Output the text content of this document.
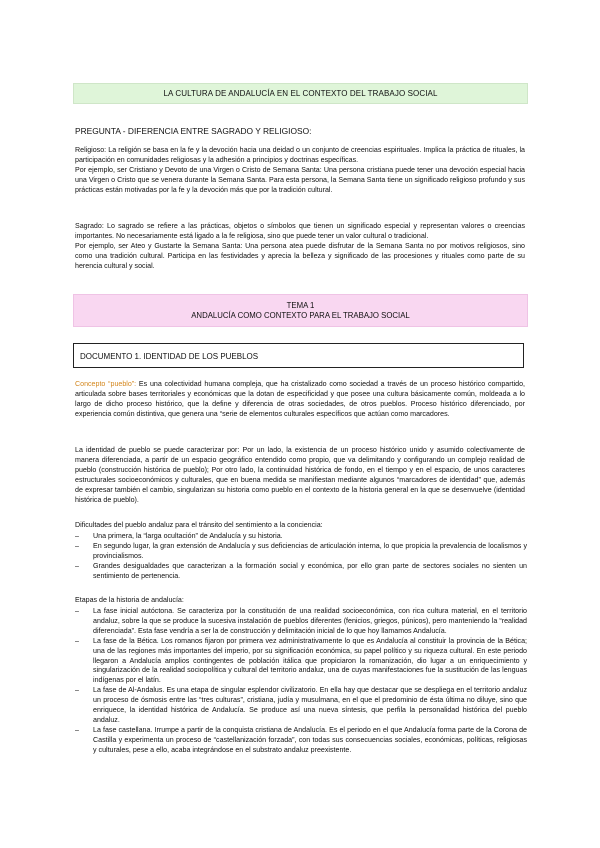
LA CULTURA DE ANDALUCÍA EN EL CONTEXTO DEL TRABAJO SOCIAL
PREGUNTA - DIFERENCIA ENTRE SAGRADO Y RELIGIOSO:

Religioso: La religión se basa en la fe y la devoción hacia una deidad o un conjunto de creencias espirituales. Implica la práctica de rituales, la participación en comunidades religiosas y la adhesión a principios y doctrinas específicas.

Por ejemplo, ser Cristiano y Devoto de una Virgen o Cristo de Semana Santa: Una persona cristiana puede tener una devoción especial hacia una Virgen o Cristo que se venera durante la Semana Santa. Para esta persona, la Semana Santa tiene un significado religioso profundo y sus prácticas están motivadas por la fe y la devoción más que por la tradición cultural.

Sagrado: Lo sagrado se refiere a las prácticas, objetos o símbolos que tienen un significado especial y representan valores o creencias importantes. No necesariamente está ligado a la fe religiosa, sino que puede tener un valor cultural o tradicional.

Por ejemplo, ser Ateo y Gustarte la Semana Santa: Una persona atea puede disfrutar de la Semana Santa no por motivos religiosos, sino como una tradición cultural. Participa en las festividades y aprecia la belleza y significado de las procesiones y rituales como parte de su herencia cultural y social.

TEMA 1
ANDALUCÍA COMO CONTEXTO PARA EL TRABAJO SOCIAL
DOCUMENTO 1. IDENTIDAD DE LOS PUEBLOS

Concepto “pueblo”: Es una colectividad humana compleja, que ha cristalizado como sociedad a través de un proceso histórico compartido, articulada sobre bases territoriales y económicas que la dotan de especificidad y que posee una cultura básicamente común, moldeada a lo largo de dicho proceso histórico, que la define y diferencia de otras sociedades, de otros pueblos. Proceso histórico diferenciado, por experiencia común distintiva, que genera una “serie de elementos culturales específicos que actúan como marcadores.

La identidad de pueblo se puede caracterizar por: Por un lado, la existencia de un proceso histórico unido y asumido colectivamente de manera diferenciada, a partir de un espacio geográfico entendido como propio, que va delimitando y configurando un complejo realidad de pueblo (construcción histórica de pueblo); Por otro lado, la continuidad histórica de fondo, en el tiempo y en el espacio, de unos caracteres estructurales socioeconómicos y culturales, que en buena medida se manifiestan mediante algunos “marcadores de identidad” que, además de expresar también el cambio, singularizan su historia como pueblo en el contexto de la historia general en la que se desenvuelve (identidad histórica de pueblo).

Dificultades del pueblo andaluz para el tránsito del sentimiento a la conciencia:
– Una primera, la “larga ocultación” de Andalucía y su historia.
– En segundo lugar, la gran extensión de Andalucía y sus deficiencias de articulación interna, lo que propicia la prevalencia de localismos y provincialismos.
– Grandes desigualdades que caracterizan a la formación social y económica, por ello gran parte de sectores sociales no sienten un sentimiento de pertenencia.
Etapas de la historia de andalucía:
– La fase inicial autóctona. Se caracteriza por la constitución de una realidad socioeconómica, con rica cultura material, en el territorio andaluz, sobre la que se produce la sucesiva instalación de pueblos diferentes (fenicios, griegos, púnicos), pero manteniendo la “realidad diferenciada”. Esta fase vendría a ser la de construcción y delimitación inicial de lo que hoy llamamos Andalucía.
– La fase de la Bética. Los romanos fijaron por primera vez administrativamente lo que es Andalucía al constituir la provincia de la Bética; una de las regiones más importantes del imperio, por su significación económica, su papel político y su riqueza cultural. En este periodo llegaron a Andalucía amplios contingentes de población itálica que propiciaron la romanización, dio lugar a un enriquecimiento y singularización de la realidad sociopolítica y cultural del territorio andaluz, una de cuyas manifestaciones fue la sustitución de las lenguas indígenas por el latín.
– La fase de Al-Andalus. Es una etapa de singular esplendor civilizatorio. En ella hay que destacar que se despliega en el territorio andaluz un proceso de ósmosis entre las “tres culturas”, cristiana, judía y musulmana, en el que el predominio de ésta última no diluye, sino que enriquece, la identidad histórica de Andalucía. Se produce así una nueva síntesis, que perfila la personalidad histórica del pueblo andaluz.
– La fase castellana. Irrumpe a partir de la conquista cristiana de Andalucía. Es el periodo en el que Andalucía forma parte de la Corona de Castilla y experimenta un proceso de “castellanización forzada”, con todas sus consecuencias sociales, económicas, políticas, religiosas y culturales, pese a ello, acaba integrándose en el substrato andaluz preexistente.
